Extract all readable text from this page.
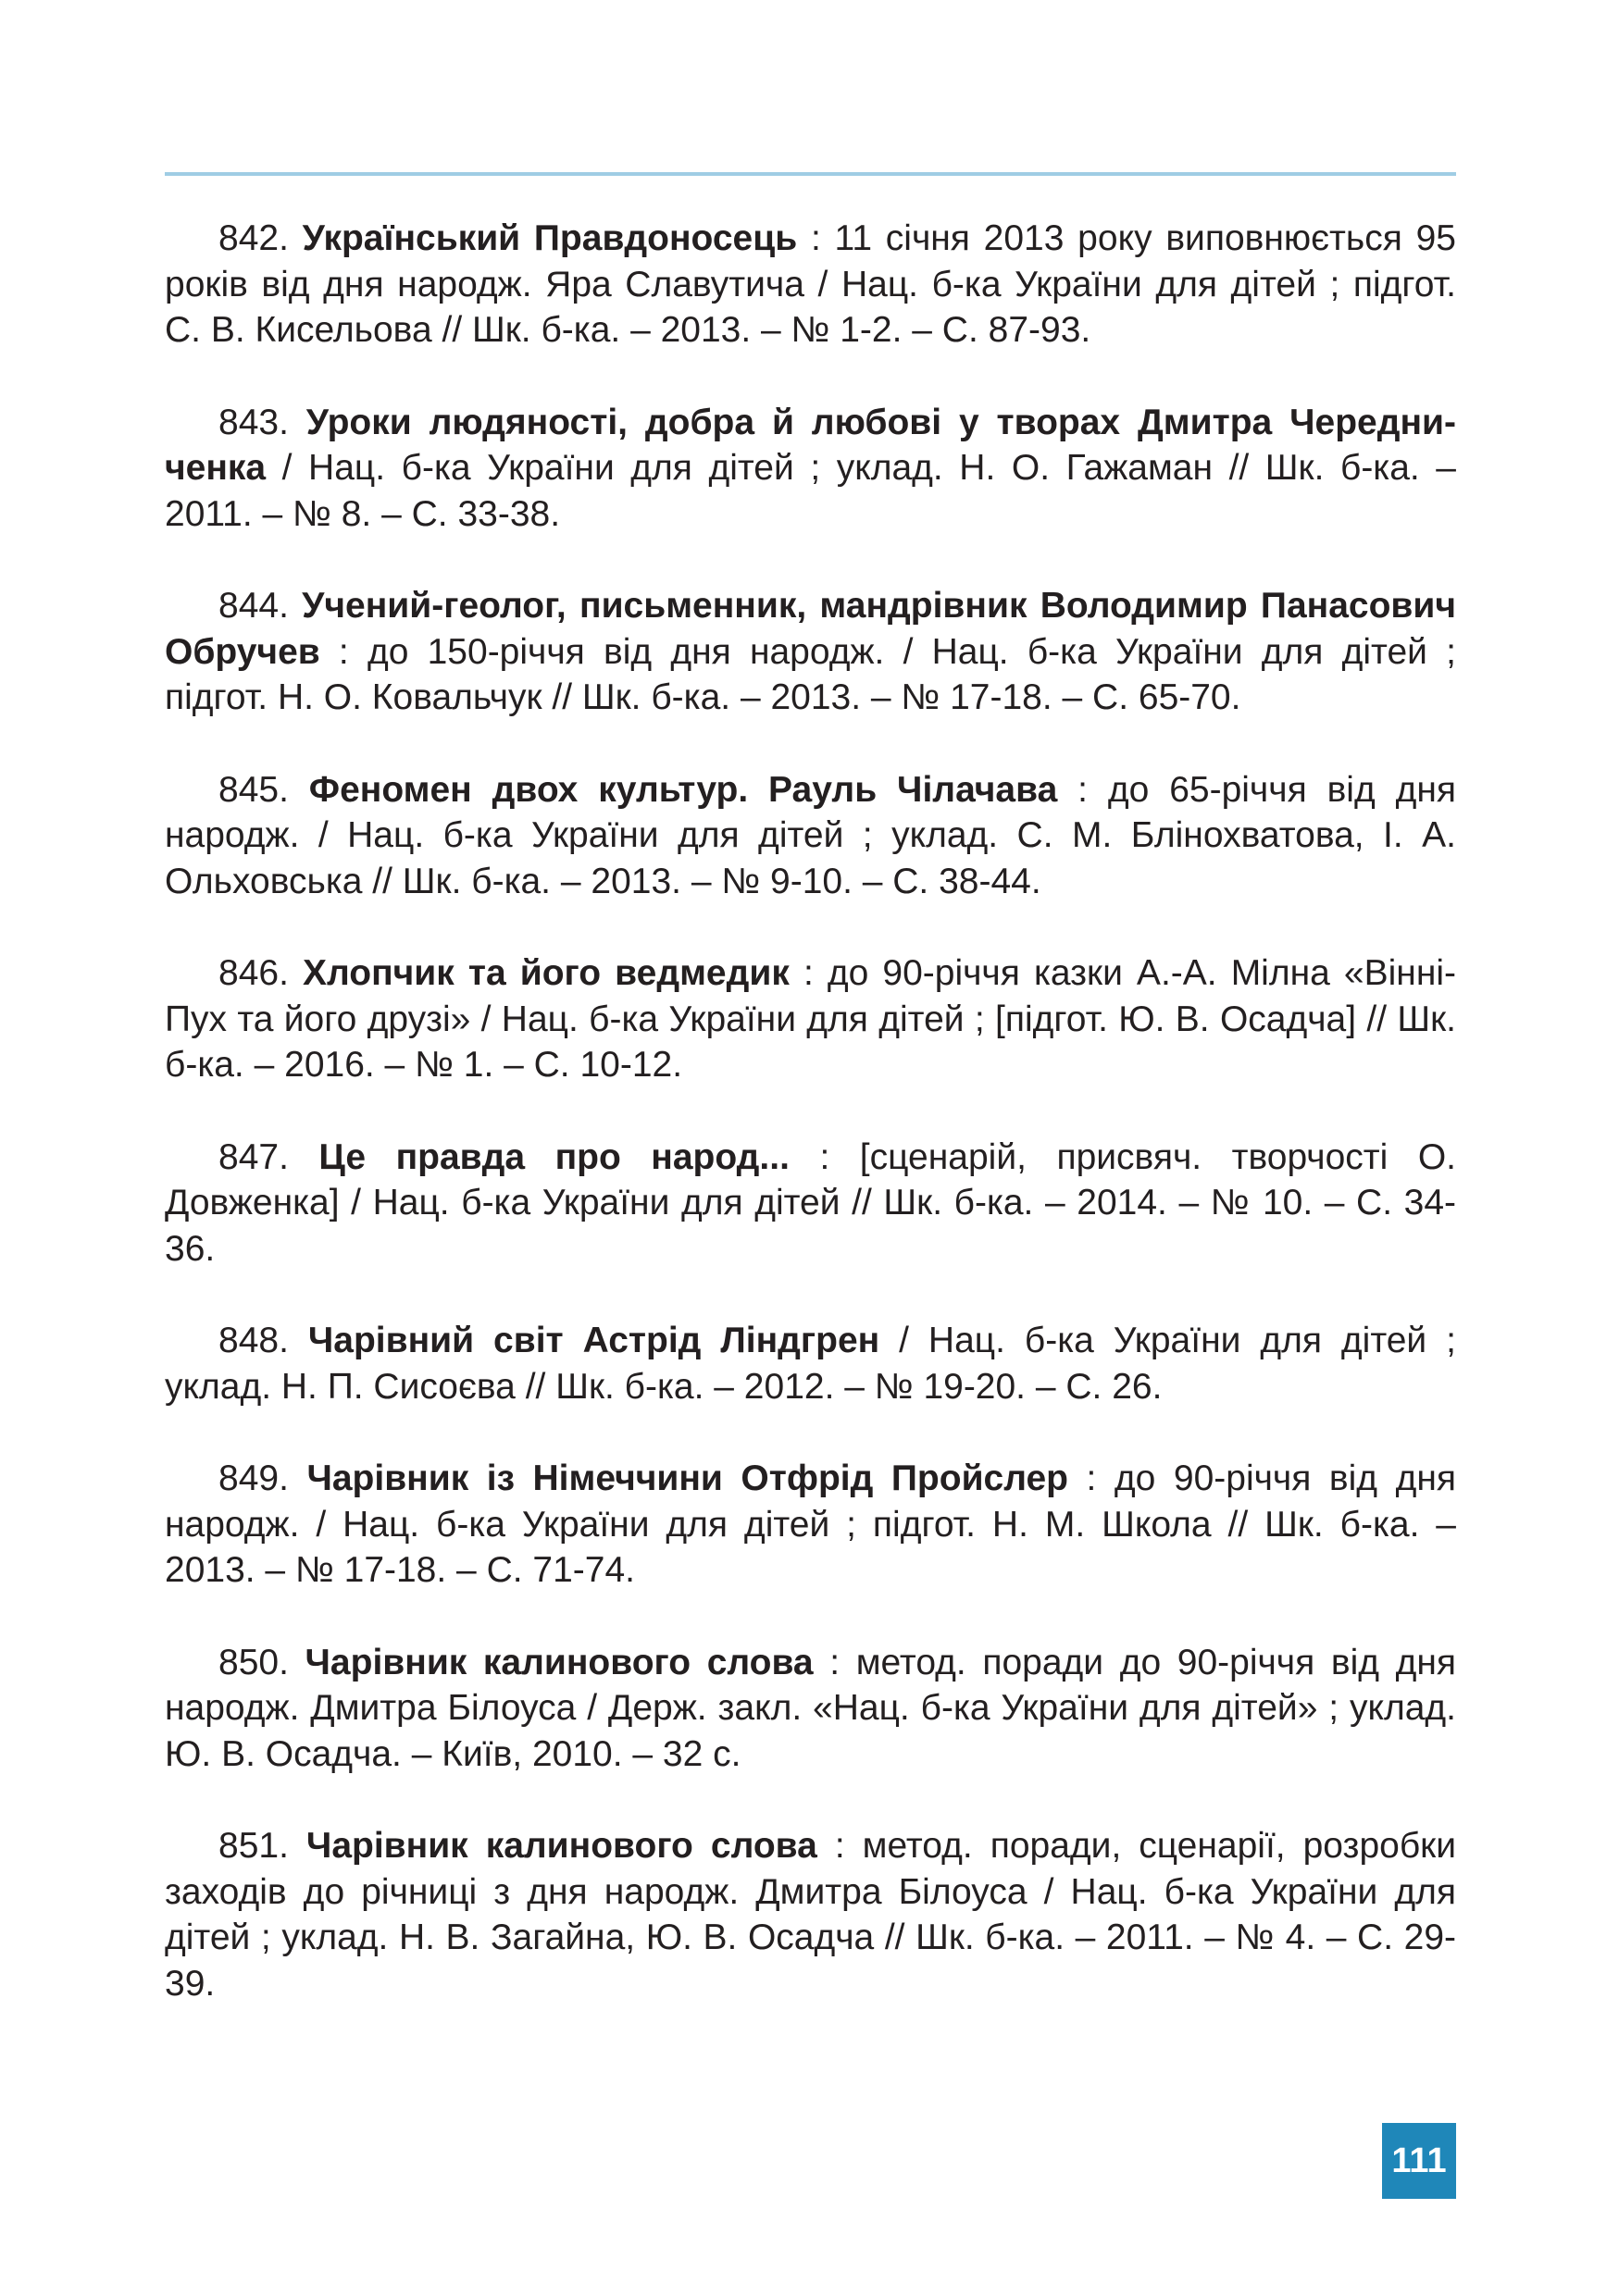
842. Український Правдоносець : 11 січня 2013 року виповнюється 95 років від дня народж. Яра Славутича / Нац. б-ка України для дітей ; підгот. С. В. Кисельова // Шк. б-ка. – 2013. – № 1-2. – С. 87-93.

843. Уроки людяності, добра й любові у творах Дмитра Чередниченка / Нац. б-ка України для дітей ; уклад. Н. О. Гажаман // Шк. б-ка. – 2011. – № 8. – С. 33-38.

844. Учений-геолог, письменник, мандрівник Володимир Панасович Обручев : до 150-річчя від дня народж. / Нац. б-ка України для дітей ; підгот. Н. О. Ковальчук // Шк. б-ка. – 2013. – № 17-18. – С. 65-70.

845. Феномен двох культур. Рауль Чілачава : до 65-річчя від дня народж. / Нац. б-ка України для дітей ; уклад. С. М. Блінохватова, І. А. Ольховська // Шк. б-ка. – 2013. – № 9-10. – С. 38-44.

846. Хлопчик та його ведмедик : до 90-річчя казки А.-А. Мілна «Вінні-Пух та його друзі» / Нац. б-ка України для дітей ; [підгот. Ю. В. Осадча] // Шк. б-ка. – 2016. – № 1. – С. 10-12.

847. Це правда про народ... : [сценарій, присвяч. творчості О. Довженка] / Нац. б-ка України для дітей // Шк. б-ка. – 2014. – № 10. – С. 34-36.

848. Чарівний світ Астрід Ліндгрен / Нац. б-ка України для дітей ; уклад. Н. П. Сисоєва // Шк. б-ка. – 2012. – № 19-20. – С. 26.

849. Чарівник із Німеччини Отфрід Пройслер : до 90-річчя від дня народж. / Нац. б-ка України для дітей ; підгот. Н. М. Школа // Шк. б-ка. – 2013. – № 17-18. – С. 71-74.

850. Чарівник калинового слова : метод. поради до 90-річчя від дня народж. Дмитра Білоуса / Держ. закл. «Нац. б-ка України для дітей» ; уклад. Ю. В. Осадча. – Київ, 2010. – 32 с.

851. Чарівник калинового слова : метод. поради, сценарії, розробки заходів до річниці з дня народж. Дмитра Білоуса / Нац. б-ка України для дітей ; уклад. Н. В. Загайна, Ю. В. Осадча // Шк. б-ка. – 2011. – № 4. – С. 29-39.

111
